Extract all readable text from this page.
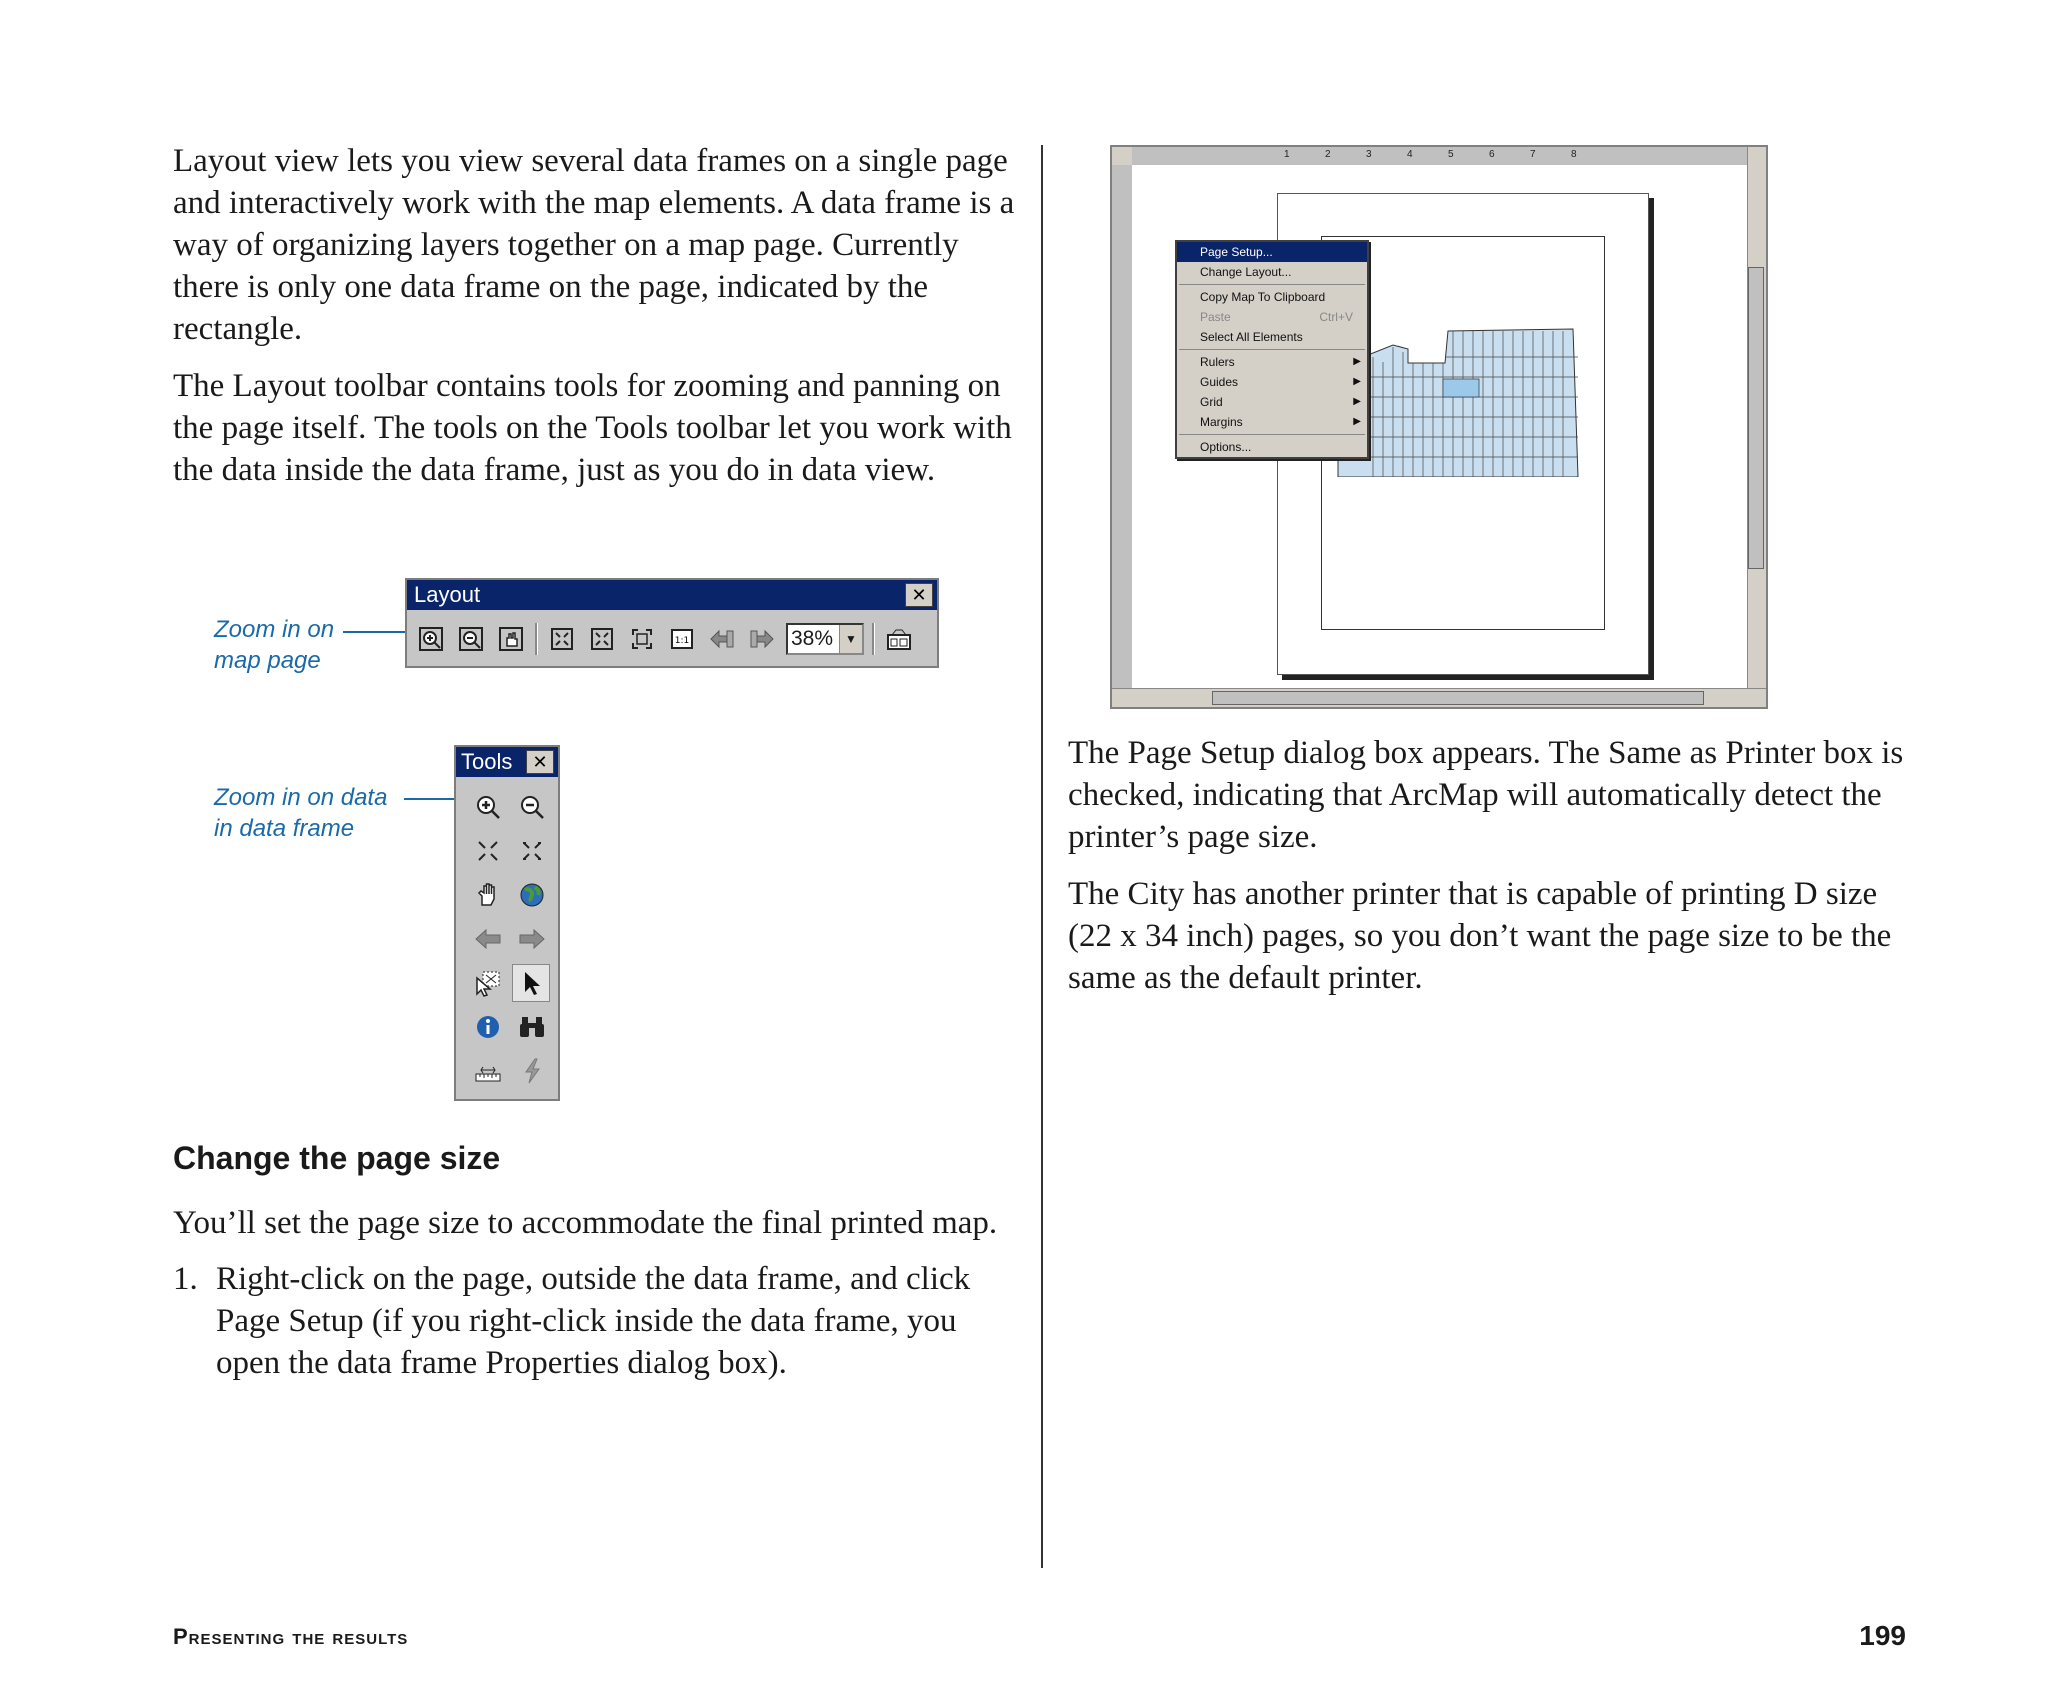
Layout view lets you view several data frames on a single page and interactively work with the map elements. A data frame is a way of organizing layers together on a map page. Currently there is only one data frame on the page, indicated by the rectangle.

The Layout toolbar contains tools for zooming and panning on the page itself. The tools on the Tools toolbar let you work with the data inside the data frame, just as you do in data view.

Zoom in on
map page
Zoom in on data
in data frame
Layout	✕
1:1	38%	▼
Tools	✕
Change the page size

You’ll set the page size to accommodate the final printed map.

1. Right-click on the page, outside the data frame, and click Page Setup (if you right-click inside the data frame, you open the data frame Properties dialog box).
1	2	3	4	5	6	7	8
Page Setup...
Change Layout...
Copy Map To Clipboard
Paste	Ctrl+V
Select All Elements
Rulers	▶
Guides	▶
Grid	▶
Margins	▶
Options...

The Page Setup dialog box appears. The Same as Printer box is checked, indicating that ArcMap will automatically detect the printer’s page size.

The City has another printer that is capable of printing D size (22 x 34 inch) pages, so you don’t want the page size to be the same as the default printer.

Presenting the results	199
